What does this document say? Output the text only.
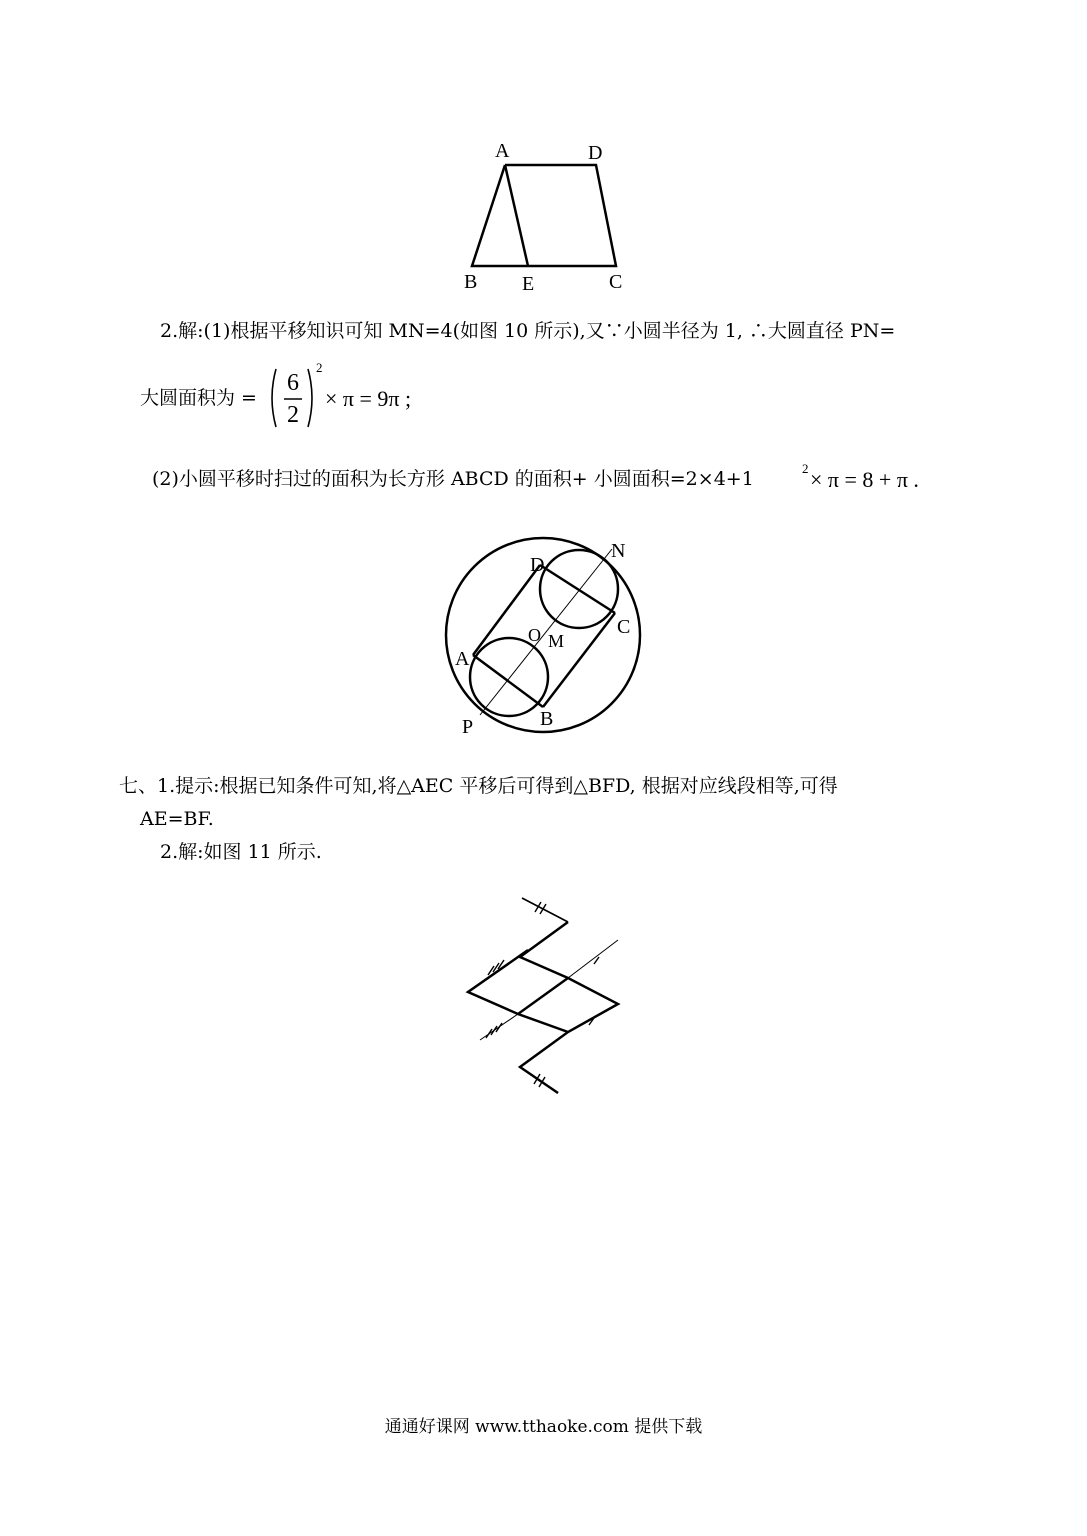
A	D
B E	C
2.解:(1)根据平移知识可知 MN=4(如图 10 所示),又∵小圆半径为 1, ∴大圆直径 PN=
大圆面积为 =
6
2
2
× π = 9π ;
(2)小圆平移时扫过的面积为长方形 ABCD 的面积+ 小圆面积=2×4+1	2 × π = 8 + π .
D
N
O M
C
A
B
P
七、1.提示:根据已知条件可知,将△AEC 平移后可得到△BFD, 根据对应线段相等,可得
AE=BF.
2.解:如图 11 所示.
通通好课网 www.tthaoke.com 提供下载
